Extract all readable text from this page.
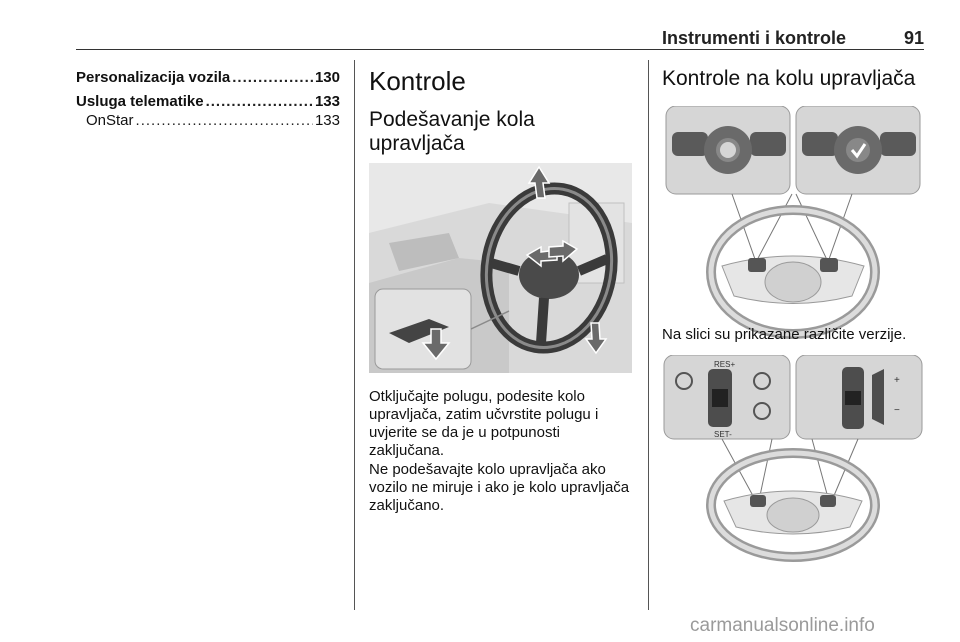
Instrumenti i kontrole	91
Personalizacija vozila .....	130
Usluga telematike .....	133
OnStar .....	133
Kontrole
Podešavanje kola upravljača

Otključajte polugu, podesite kolo upravljača, zatim učvrstite polugu i uvjerite se da je u potpunosti zaključana.

Ne podešavajte kolo upravljača ako vozilo ne miruje i ako je kolo upravljača zaključano.

Kontrole na kolu upravljača
Na slici su prikazane različite verzije.
RES+
SET-
+
−
carmanualsonline.info
